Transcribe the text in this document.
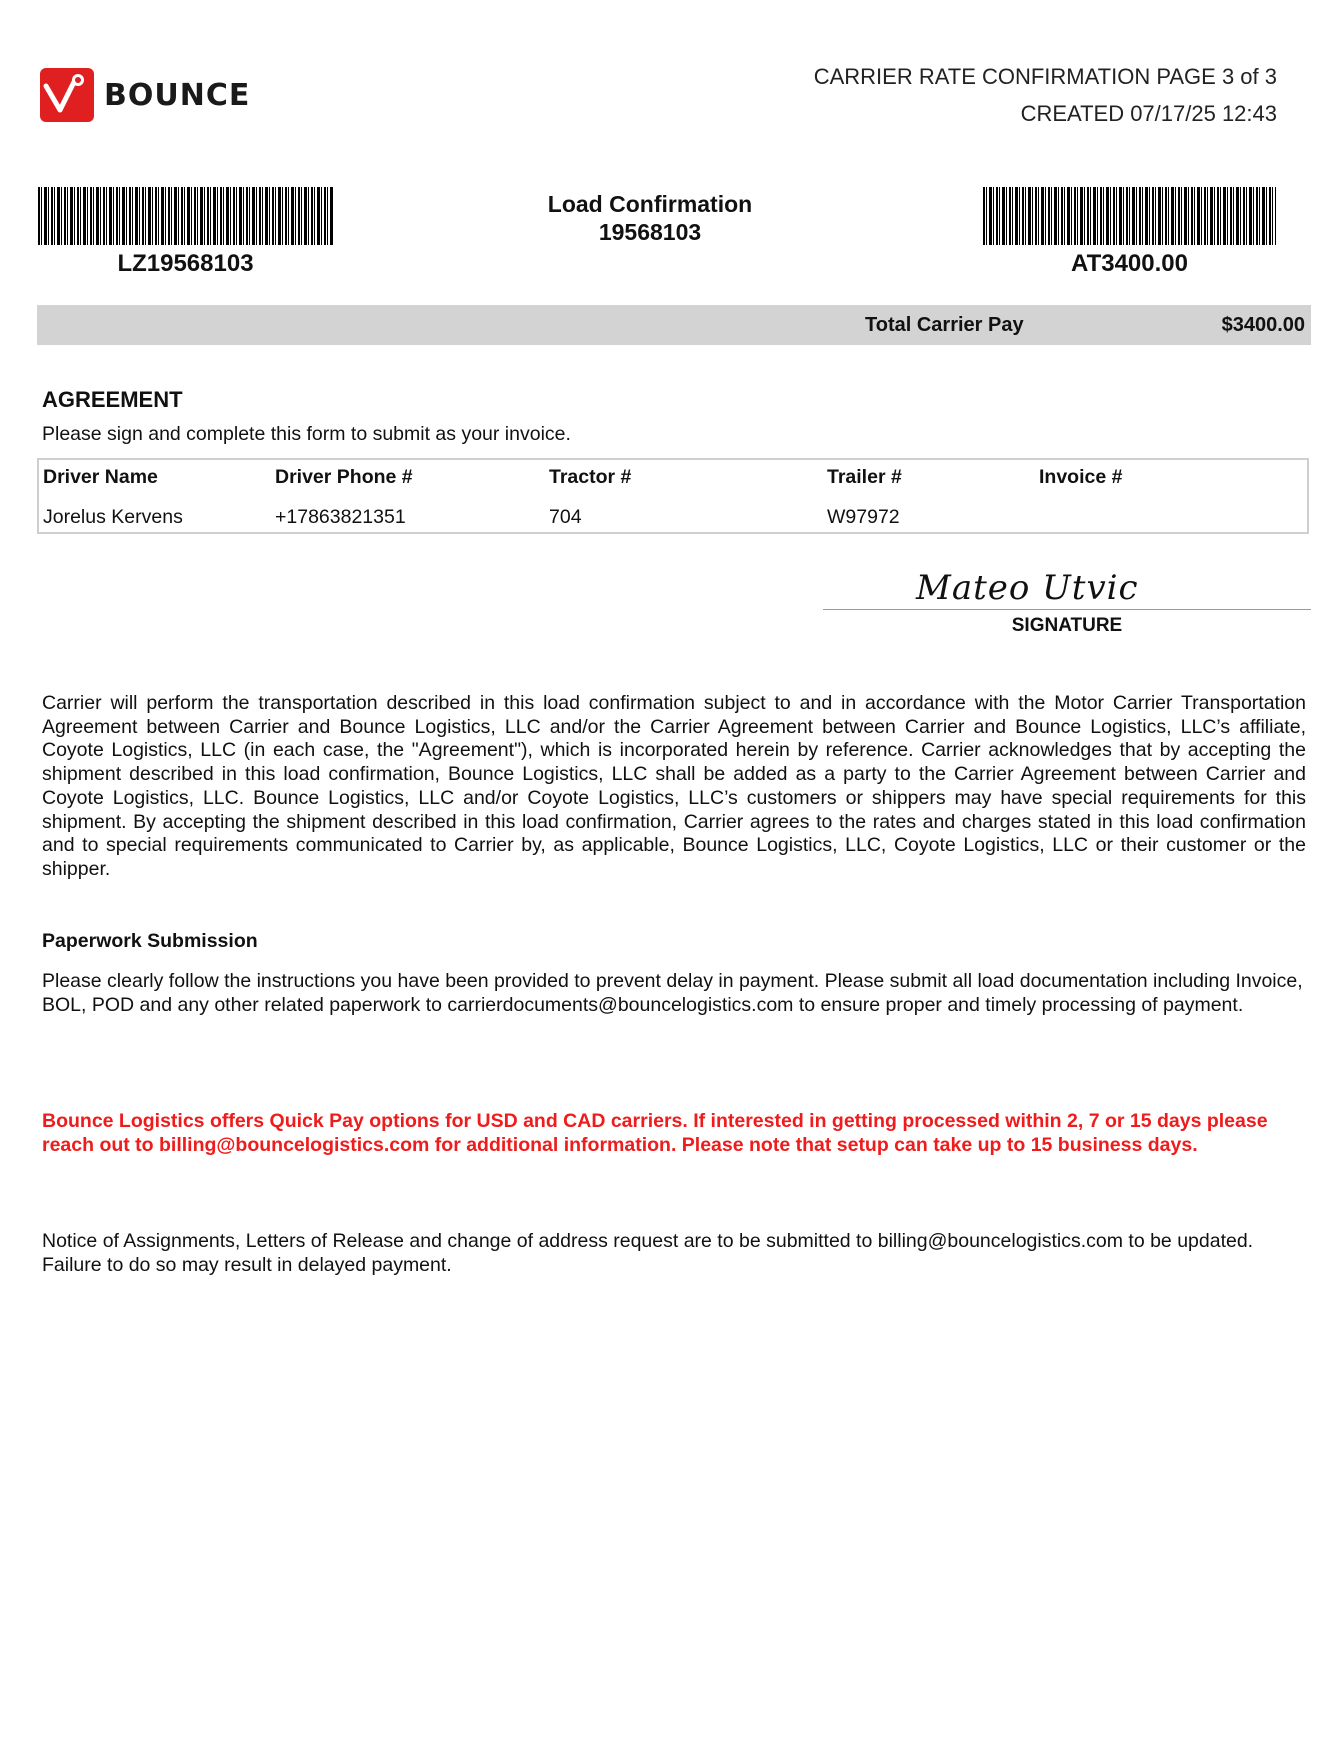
BOUNCE
CARRIER RATE CONFIRMATION PAGE 3 of 3
CREATED 07/17/25 12:43
LZ19568103	AT3400.00
Load Confirmation
19568103
Total Carrier Pay	$3400.00
AGREEMENT
Please sign and complete this form to submit as your invoice.
Driver Name	Driver Phone #	Tractor #	Trailer #	Invoice #
Jorelus Kervens	+17863821351	704	W97972
Mateo Utvic
SIGNATURE
Carrier will perform the transportation described in this load confirmation subject to and in accordance with the Motor Carrier Transportation Agreement between Carrier and Bounce Logistics, LLC and/or the Carrier Agreement between Carrier and Bounce Logistics, LLC’s affiliate, Coyote Logistics, LLC (in each case, the "Agreement"), which is incorporated herein by reference. Carrier acknowledges that by accepting the shipment described in this load confirmation, Bounce Logistics, LLC shall be added as a party to the Carrier Agreement between Carrier and Coyote Logistics, LLC. Bounce Logistics, LLC and/or Coyote Logistics, LLC’s customers or shippers may have special requirements for this shipment. By accepting the shipment described in this load confirmation, Carrier agrees to the rates and charges stated in this load confirmation and to special requirements communicated to Carrier by, as applicable, Bounce Logistics, LLC, Coyote Logistics, LLC or their customer or the shipper.
Paperwork Submission
Please clearly follow the instructions you have been provided to prevent delay in payment. Please submit all load documentation including Invoice, BOL, POD and any other related paperwork to carrierdocuments@bouncelogistics.com to ensure proper and timely processing of payment.
Bounce Logistics offers Quick Pay options for USD and CAD carriers. If interested in getting processed within 2, 7 or 15 days please reach out to billing@bouncelogistics.com for additional information. Please note that setup can take up to 15 business days.
Notice of Assignments, Letters of Release and change of address request are to be submitted to billing@bouncelogistics.com to be updated. Failure to do so may result in delayed payment.
